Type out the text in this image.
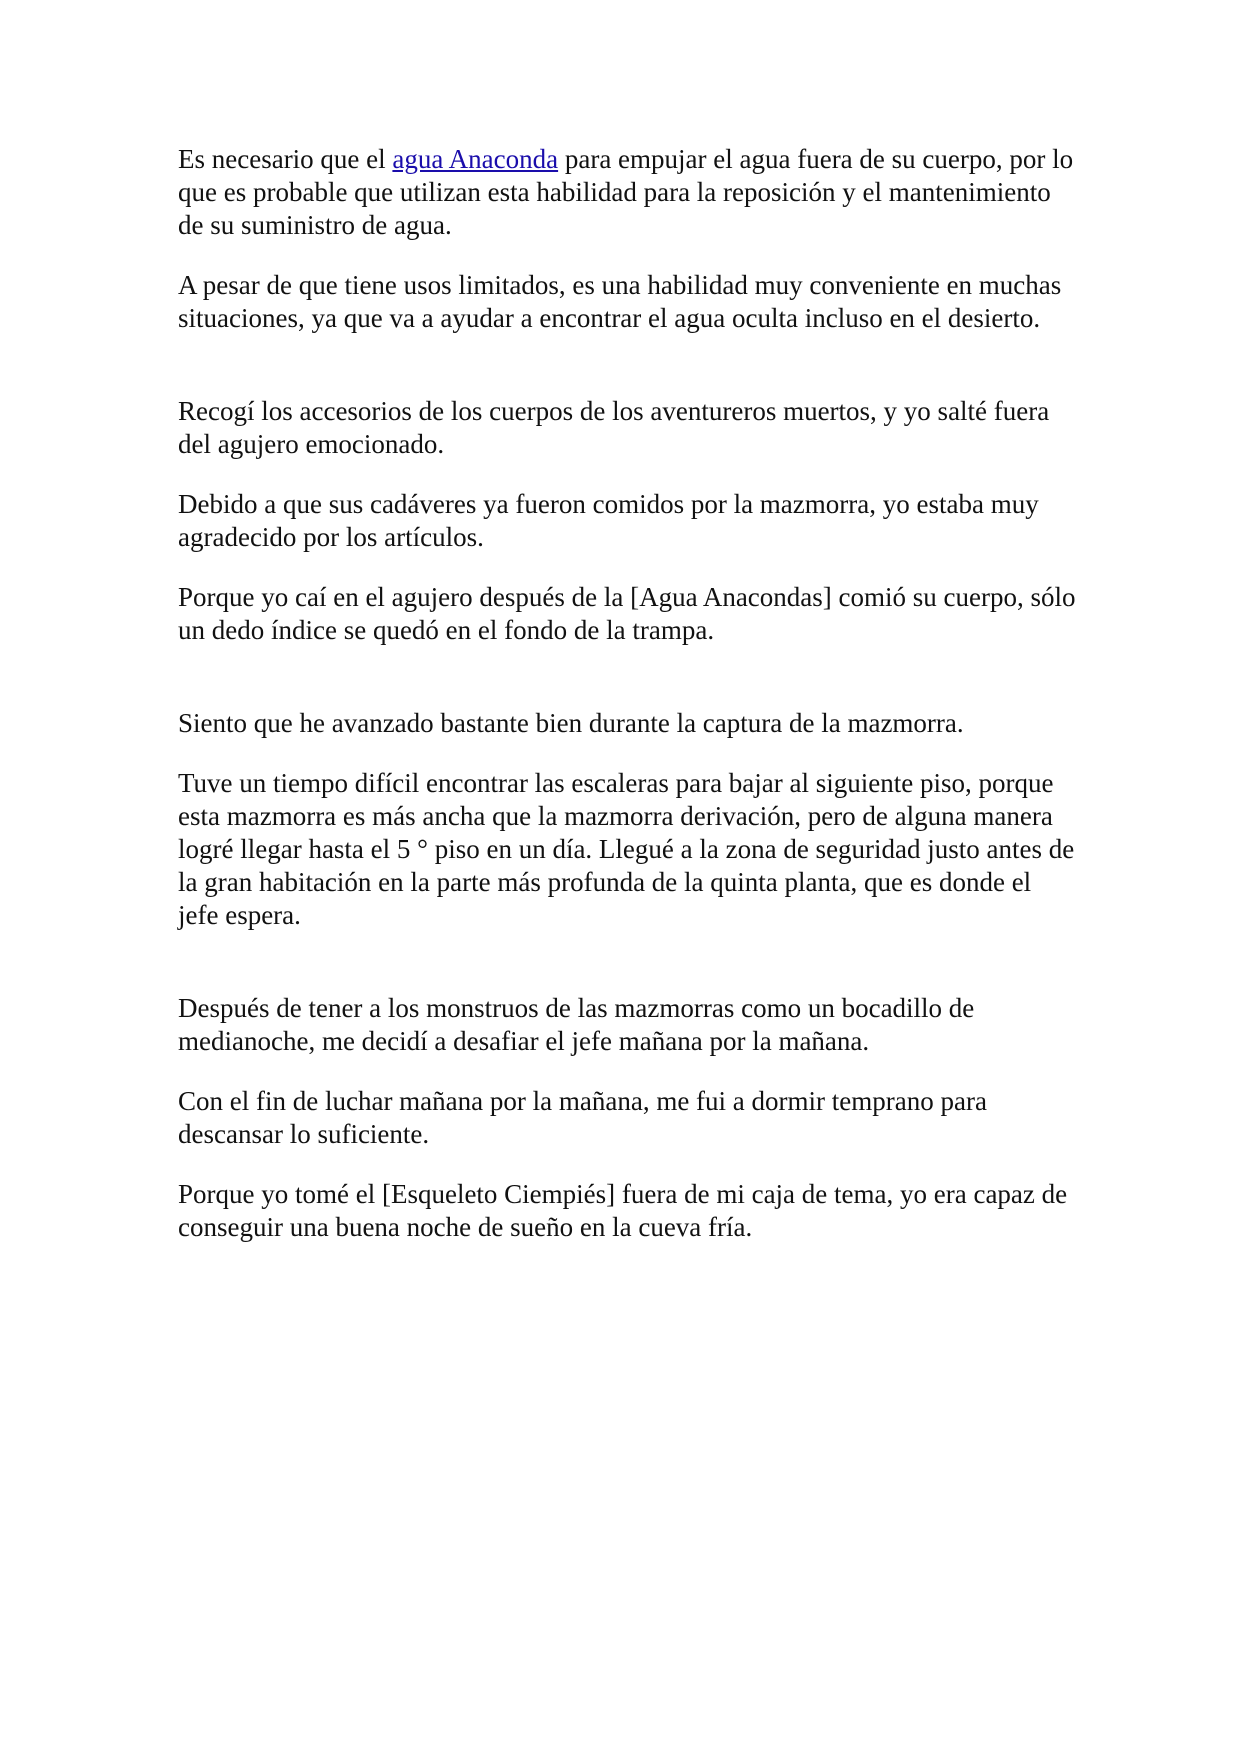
Es necesario que el agua Anaconda para empujar el agua fuera de su cuerpo, por lo que es probable que utilizan esta habilidad para la reposición y el mantenimiento de su suministro de agua.

A pesar de que tiene usos limitados, es una habilidad muy conveniente en muchas situaciones, ya que va a ayudar a encontrar el agua oculta incluso en el desierto.

Recogí los accesorios de los cuerpos de los aventureros muertos, y yo salté fuera del agujero emocionado.

Debido a que sus cadáveres ya fueron comidos por la mazmorra, yo estaba muy agradecido por los artículos.

Porque yo caí en el agujero después de la [Agua Anacondas] comió su cuerpo, sólo un dedo índice se quedó en el fondo de la trampa.

Siento que he avanzado bastante bien durante la captura de la mazmorra.

Tuve un tiempo difícil encontrar las escaleras para bajar al siguiente piso, porque esta mazmorra es más ancha que la mazmorra derivación, pero de alguna manera logré llegar hasta el 5 ° piso en un día. Llegué a la zona de seguridad justo antes de la gran habitación en la parte más profunda de la quinta planta, que es donde el jefe espera.

Después de tener a los monstruos de las mazmorras como un bocadillo de medianoche, me decidí a desafiar el jefe mañana por la mañana.

Con el fin de luchar mañana por la mañana, me fui a dormir temprano para descansar lo suficiente.

Porque yo tomé el [Esqueleto Ciempiés] fuera de mi caja de tema, yo era capaz de conseguir una buena noche de sueño en la cueva fría.
